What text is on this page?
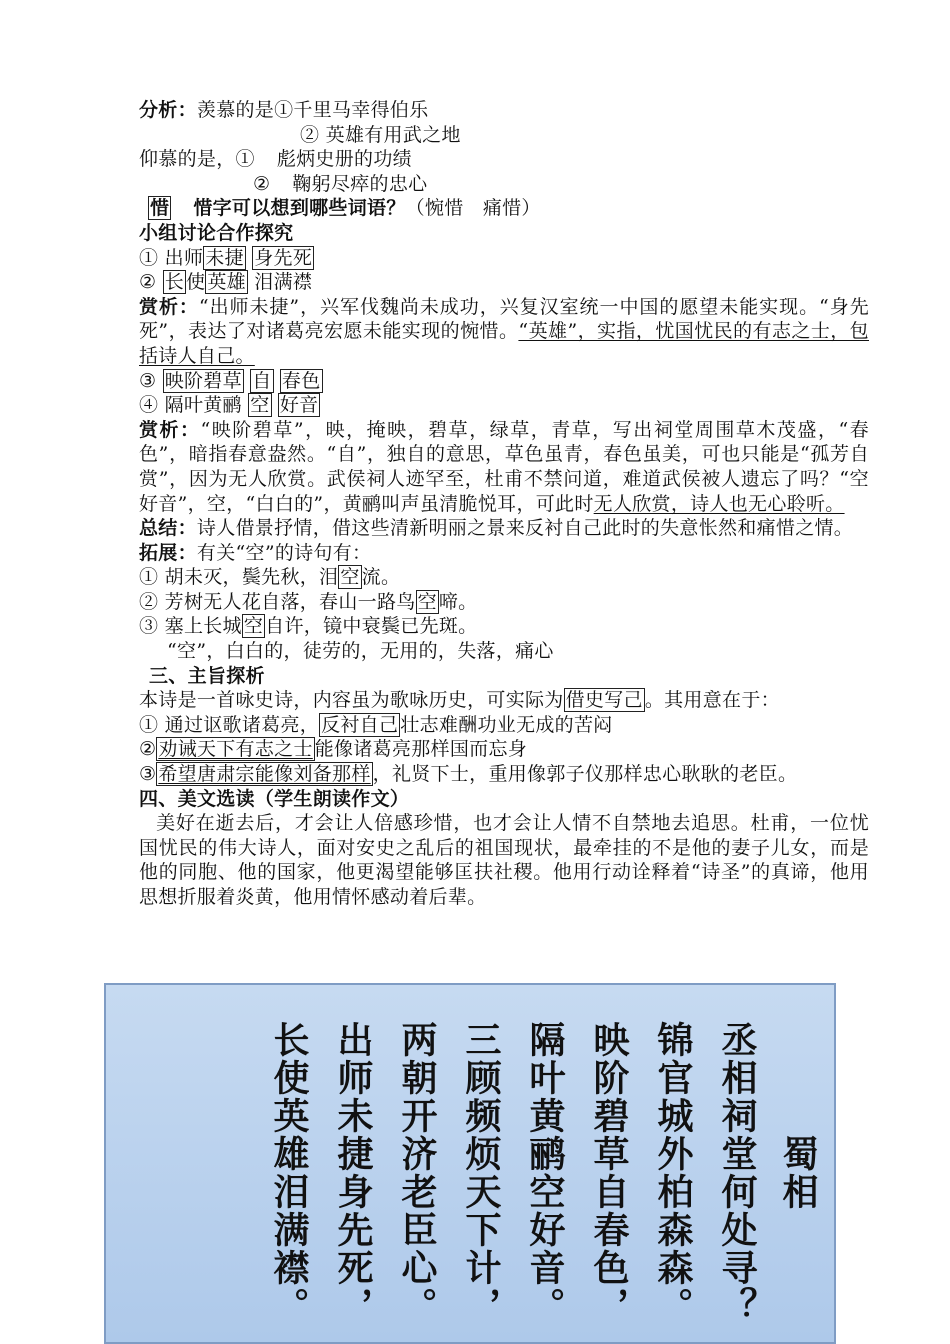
分析：羡慕的是①千里马幸得伯乐
② 英雄有用武之地
仰慕的是，① 彪炳史册的功绩
② 鞠躬尽瘁的忠心
惜 惜字可以想到哪些词语？（惋惜　痛惜）
小组讨论合作探究
① 出师 未捷 身先死
② 长 使 英雄 泪满襟
赏析：“出师未捷”，兴军伐魏尚未成功，兴复汉室统一中国的愿望未能实现。“身先死”，表达了对诸葛亮宏愿未能实现的惋惜。“英雄”，实指，忧国忧民的有志之士，包括诗人自己。
③ 映阶碧草 自 春色
④ 隔叶黄鹂 空 好音
赏析：“映阶碧草”，映，掩映，碧草，绿草，青草，写出祠堂周围草木茂盛，“春色”，暗指春意盎然。“自”，独自的意思，草色虽青，春色虽美，可也只能是“孤芳自赏”，因为无人欣赏。武侯祠人迹罕至，杜甫不禁问道，难道武侯被人遗忘了吗？“空好音”，空，“白白的”，黄鹂叫声虽清脆悦耳，可此时无人欣赏，诗人也无心聆听。
总结：诗人借景抒情，借这些清新明丽之景来反衬自己此时的失意怅然和痛惜之情。
拓展：有关“空”的诗句有：
① 胡未灭，鬓先秋，泪 空 流。
② 芳树无人花自落，春山一路鸟 空 啼。
③ 塞上长城 空 自许，镜中衰鬓已先斑。
“空”，白白的，徒劳的，无用的，失落，痛心
三、主旨探析
本诗是一首咏史诗，内容虽为歌咏历史，可实际为 借史写己 。其用意在于：
① 通过讴歌诸葛亮， 反衬自己 壮志难酬功业无成的苦闷
② 劝诫天下有志之士 能像诸葛亮那样国而忘身
③ 希望唐肃宗能像刘备那样 ，礼贤下士，重用像郭子仪那样忠心耿耿的老臣。
四、美文选读（学生朗读作文）
美好在逝去后，才会让人倍感珍惜，也才会让人情不自禁地去追思。杜甫，一位忧国忧民的伟大诗人，面对安史之乱后的祖国现状，最牵挂的不是他的妻子儿女，而是他的同胞、他的国家，他更渴望能够匡扶社稷。他用行动诠释着“诗圣”的真谛，他用思想折服着炎黄，他用情怀感动着后辈。
蜀相
丞相祠堂何处寻？
锦官城外柏森森。
映阶碧草自春色，
隔叶黄鹂空好音。
三顾频烦天下计，
两朝开济老臣心。
出师未捷身先死，
长使英雄泪满襟。
